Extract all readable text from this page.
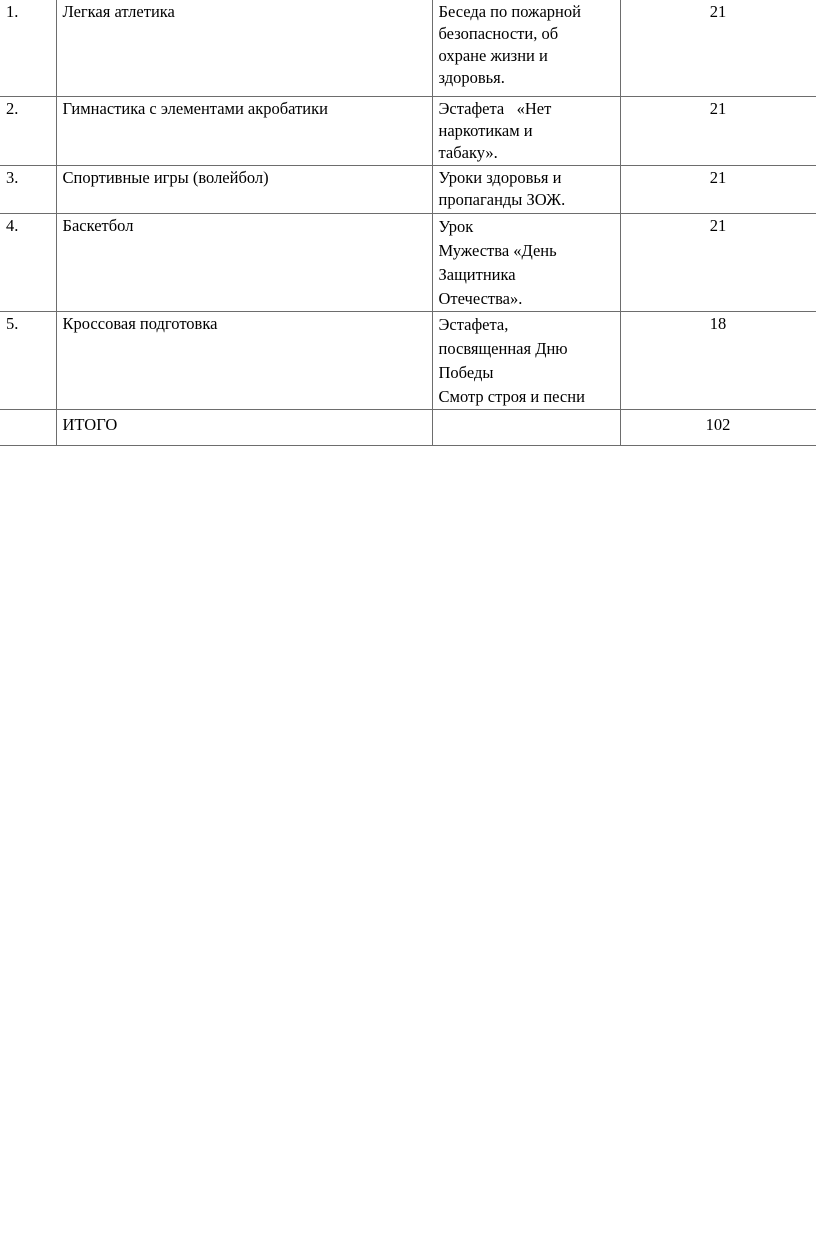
1.	Легкая атлетика	Беседа по пожарной
безопасности, об
охране жизни и
здоровья.	21
2.	Гимнастика с элементами акробатики	Эстафета   «Нет
наркотикам и
табаку».	21
3.	Спортивные игры (волейбол)	Уроки здоровья и
пропаганды ЗОЖ.	21
4.	Баскетбол	Урок
Мужества «День
Защитника
Отечества».	21
5.	Кроссовая подготовка	Эстафета,
посвященная Дню
Победы
Смотр строя и песни	18
	ИТОГО		102
